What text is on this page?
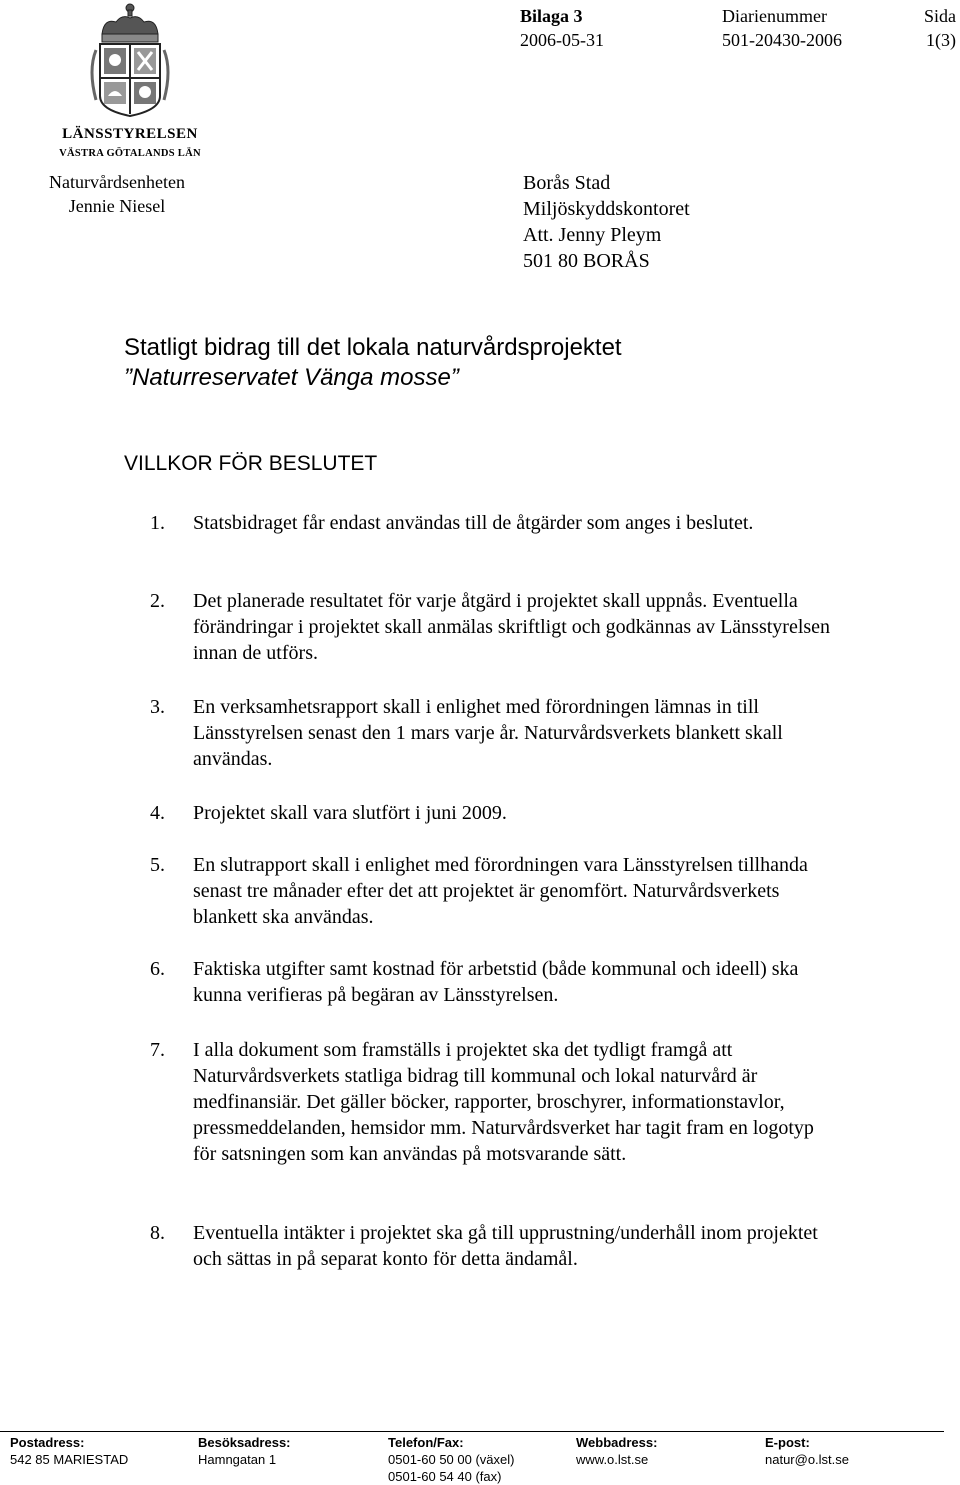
LÄNSSTYRELSEN
VÄSTRA GÖTALANDS LÄN
Bilaga 3
2006-05-31
Diarienummer
501-20430-2006
Sida
1(3)
Naturvårdsenheten
Jennie Niesel
Borås Stad
Miljöskyddskontoret
Att. Jenny Pleym
501 80 BORÅS
Statligt bidrag till det lokala naturvårdsprojektet
”Naturreservatet Vänga mosse”
VILLKOR FÖR BESLUTET
1.	Statsbidraget får endast användas till de åtgärder som anges i beslutet.
2.	Det planerade resultatet för varje åtgärd i projektet skall uppnås. Eventuella förändringar i projektet skall anmälas skriftligt och godkännas av Länsstyrelsen innan de utförs.
3.	En verksamhetsrapport skall i enlighet med förordningen lämnas in till Länsstyrelsen senast den 1 mars varje år. Naturvårdsverkets blankett skall användas.
4.	Projektet skall vara slutfört i juni 2009.
5.	En slutrapport skall i enlighet med förordningen vara Länsstyrelsen tillhanda senast tre månader efter det att projektet är genomfört. Naturvårdsverkets blankett ska användas.
6.	Faktiska utgifter samt kostnad för arbetstid (både kommunal och ideell) ska kunna verifieras på begäran av Länsstyrelsen.
7.	I alla dokument som framställs i projektet ska det tydligt framgå att Naturvårdsverkets statliga bidrag till kommunal och lokal naturvård är medfinansiär. Det gäller böcker, rapporter, broschyrer, informationstavlor, pressmeddelanden, hemsidor mm. Naturvårdsverket har tagit fram en logotyp för satsningen som kan användas på motsvarande sätt.
8.	Eventuella intäkter i projektet ska gå till upprustning/underhåll inom projektet och sättas in på separat konto för detta ändamål.
Postadress:
542 85 MARIESTAD
Besöksadress:
Hamngatan 1
Telefon/Fax:
0501-60 50 00 (växel)
0501-60 54 40 (fax)
Webbadress:
www.o.lst.se
E-post:
natur@o.lst.se
